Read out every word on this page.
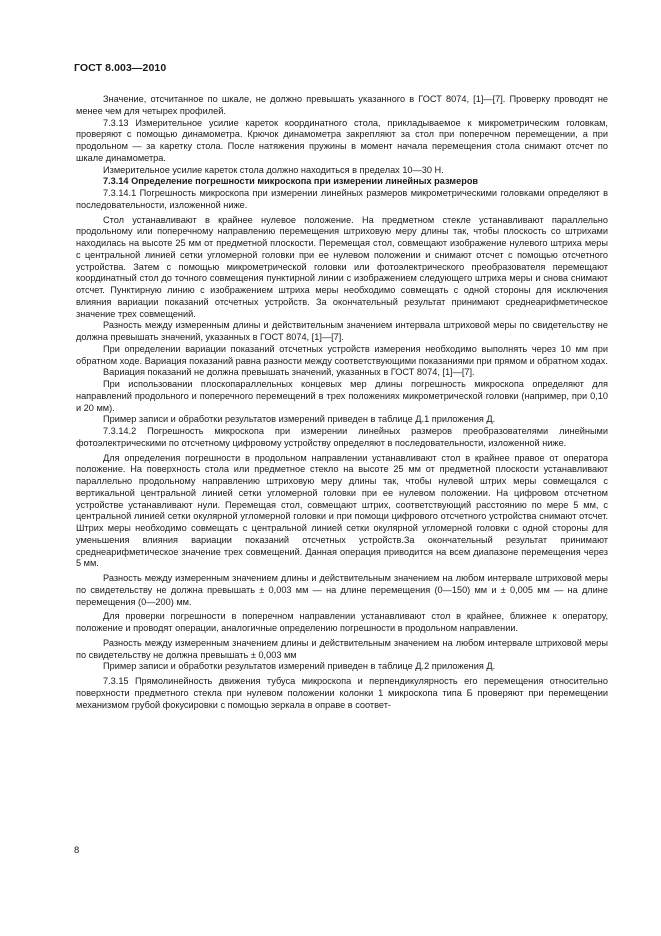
ГОСТ 8.003—2010

Значение, отсчитанное по шкале, не должно превышать указанного в ГОСТ 8074, [1]—[7]. Проверку проводят не менее чем для четырех профилей.

7.3.13 Измерительное усилие кареток координатного стола, прикладываемое к микрометрическим головкам, проверяют с помощью динамометра. Крючок динамометра закрепляют за стол при поперечном перемещении, а при продольном — за каретку стола. После натяжения пружины в момент начала перемещения стола снимают отсчет по шкале динамометра.

Измерительное усилие кареток стола должно находиться в пределах 10—30 Н.

7.3.14 Определение погрешности микроскопа при измерении линейных размеров

7.3.14.1 Погрешность микроскопа при измерении линейных размеров микрометрическими головками определяют в последовательности, изложенной ниже.

Стол устанавливают в крайнее нулевое положение. На предметном стекле устанавливают параллельно продольному или поперечному направлению перемещения штриховую меру длины так, чтобы плоскость со штрихами находилась на высоте 25 мм от предметной плоскости. Перемещая стол, совмещают изображение нулевого штриха меры с центральной линией сетки угломерной головки при ее нулевом положении и снимают отсчет с помощью отсчетного устройства. Затем с помощью микрометрической головки или фотоэлектрического преобразователя перемещают координатный стол до точного совмещения пунктирной линии с изображением следующего штриха меры и снова снимают отсчет. Пунктирную линию с изображением штриха меры необходимо совмещать с одной стороны для исключения влияния вариации показаний отсчетных устройств. За окончательный результат принимают среднеарифметическое значение трех совмещений.

Разность между измеренным длины и действительным значением интервала штриховой меры по свидетельству не должна превышать значений, указанных в ГОСТ 8074, [1]—[7].

При определении вариации показаний отсчетных устройств измерения необходимо выполнять через 10 мм при обратном ходе. Вариация показаний равна разности между соответствующими показаниями при прямом и обратном ходах.

Вариация показаний не должна превышать значений, указанных в ГОСТ 8074, [1]—[7].

При использовании плоскопараллельных концевых мер длины погрешность микроскопа определяют для направлений продольного и поперечного перемещений в трех положениях микрометрической головки (например, при 0,10 и 20 мм).

Пример записи и обработки результатов измерений приведен в таблице Д.1 приложения Д.

7.3.14.2 Погрешность микроскопа при измерении линейных размеров преобразователями линейными фотоэлектрическими по отсчетному цифровому устройству определяют в последовательности, изложенной ниже.

Для определения погрешности в продольном направлении устанавливают стол в крайнее правое от оператора положение. На поверхность стола или предметное стекло на высоте 25 мм от предметной плоскости устанавливают параллельно продольному направлению штриховую меру длины так, чтобы нулевой штрих меры совмещался с вертикальной центральной линией сетки угломерной головки при ее нулевом положении. На цифровом отсчетном устройстве устанавливают нули. Перемещая стол, совмещают штрих, соответствующий расстоянию по мере 5 мм, с центральной линией сетки окулярной угломерной головки и при помощи цифрового отсчетного устройства снимают отсчет. Штрих меры необходимо совмещать с центральной линией сетки окулярной угломерной головки с одной стороны для уменьшения влияния вариации показаний отсчетных устройств.За окончательный результат принимают среднеарифметическое значение трех совмещений. Данная операция приводится на всем диапазоне перемещения через 5 мм.

Разность между измеренным значением длины и действительным значением на любом интервале штриховой меры по свидетельству не должна превышать ± 0,003 мм — на длине перемещения (0—150) мм и ± 0,005 мм — на длине перемещения (0—200) мм.

Для проверки погрешности в поперечном направлении устанавливают стол в крайнее, ближнее к оператору, положение и проводят операции, аналогичные определению погрешности в продольном направлении.

Разность между измеренным значением длины и действительным значением на любом интервале штриховой меры по свидетельству не должна превышать ± 0,003 мм

Пример записи и обработки результатов измерений приведен в таблице Д.2 приложения Д.

7.3.15 Прямолинейность движения тубуса микроскопа и перпендикулярность его перемещения относительно поверхности предметного стекла при нулевом положении колонки 1 микроскопа типа Б проверяют при перемещении механизмом грубой фокусировки с помощью зеркала в оправе в соответ-

8
